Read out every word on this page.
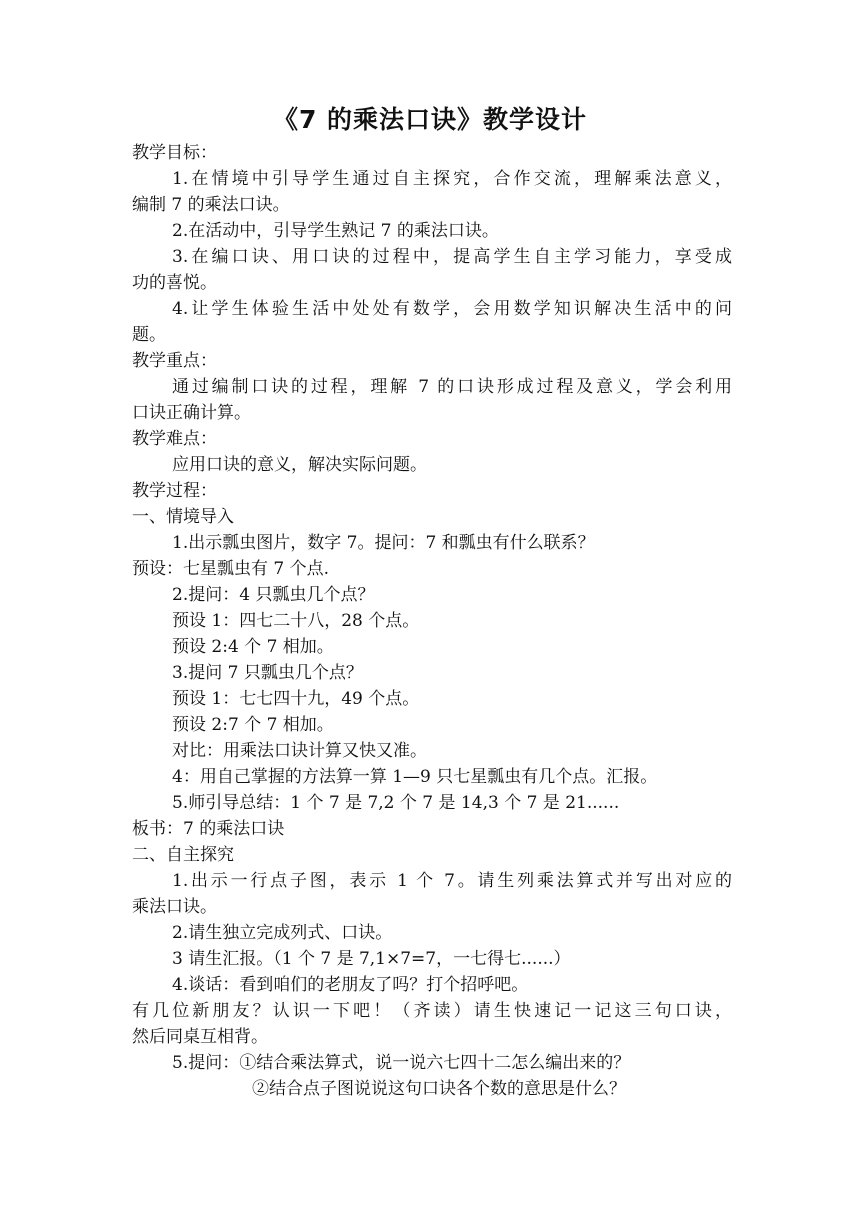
《7 的乘法口诀》教学设计
教学目标：
1.在情境中引导学生通过自主探究，合作交流，理解乘法意义，
编制 7 的乘法口诀。
2.在活动中，引导学生熟记 7 的乘法口诀。
3.在编口诀、用口诀的过程中，提高学生自主学习能力，享受成
功的喜悦。
4.让学生体验生活中处处有数学，会用数学知识解决生活中的问
题。
教学重点：
通过编制口诀的过程，理解 7 的口诀形成过程及意义，学会利用
口诀正确计算。
教学难点：
应用口诀的意义，解决实际问题。
教学过程：
一、情境导入
1.出示瓢虫图片，数字 7。提问：7 和瓢虫有什么联系？
预设：七星瓢虫有 7 个点.
2.提问：4 只瓢虫几个点？
预设 1：四七二十八，28 个点。
预设 2:4 个 7 相加。
3.提问 7 只瓢虫几个点？
预设 1：七七四十九，49 个点。
预设 2:7 个 7 相加。
对比：用乘法口诀计算又快又准。
4：用自己掌握的方法算一算 1—9 只七星瓢虫有几个点。汇报。
5.师引导总结：1 个 7 是 7,2 个 7 是 14,3 个 7 是 21......
板书：7 的乘法口诀
二、自主探究
1.出示一行点子图，表示 1 个 7。请生列乘法算式并写出对应的
乘法口诀。
2.请生独立完成列式、口诀。
3 请生汇报。（1 个 7 是 7,1×7=7，一七得七......）
4.谈话：看到咱们的老朋友了吗？打个招呼吧。
有几位新朋友？认识一下吧！（齐读）请生快速记一记这三句口诀，
然后同桌互相背。
5.提问：①结合乘法算式，说一说六七四十二怎么编出来的？
②结合点子图说说这句口诀各个数的意思是什么？
